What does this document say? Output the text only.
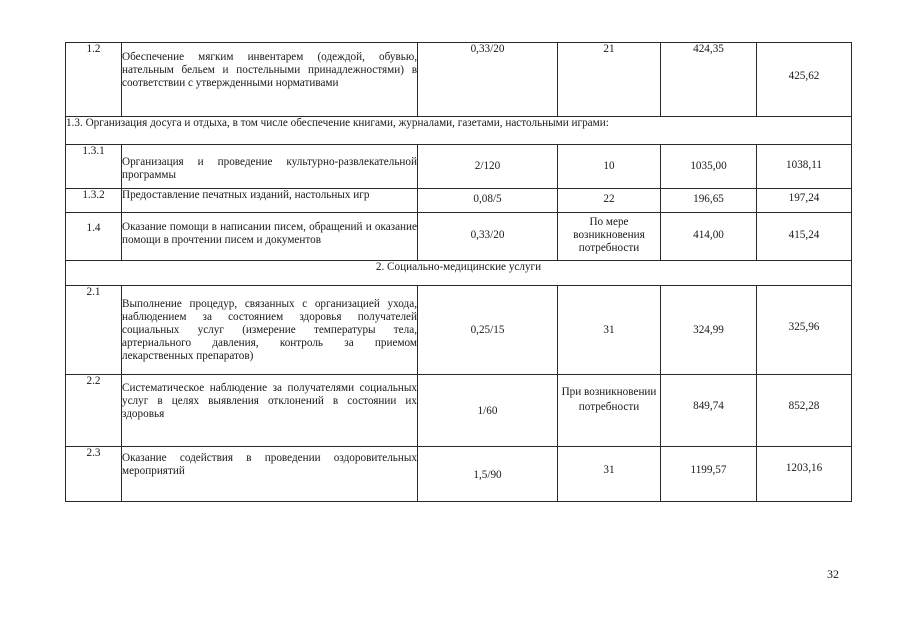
1.2	Обеспечение мягким инвентарем (одеждой, обувью, нательным бельем и постельными принадлежностями) в соответствии с утвержденными нормативами	0,33/20	21	424,35	425,62
1.3. Организация досуга и отдыха, в том числе обеспечение книгами, журналами, газетами, настольными играми:					
1.3.1	Организация и проведение культурно-развлекательной программы	2/120	10	1035,00	1038,11
1.3.2	Предоставление печатных изданий, настольных игр	0,08/5	22	196,65	197,24
1.4	Оказание помощи в написании писем, обращений и оказание помощи в прочтении писем и документов	0,33/20	По мере возникновения потребности	414,00	415,24
2. Социально-медицинские услуги					
2.1	Выполнение процедур, связанных с организацией ухода, наблюдением за состоянием здоровья получателей социальных услуг (измерение температуры тела, артериального давления, контроль за приемом лекарственных препаратов)	0,25/15	31	324,99	325,96
2.2	Систематическое наблюдение за получателями социальных услуг в целях выявления отклонений в состоянии их здоровья	1/60	При возникновении потребности	849,74	852,28
2.3	Оказание содействия в проведении оздоровительных мероприятий	1,5/90	31	1199,57	1203,16
32
